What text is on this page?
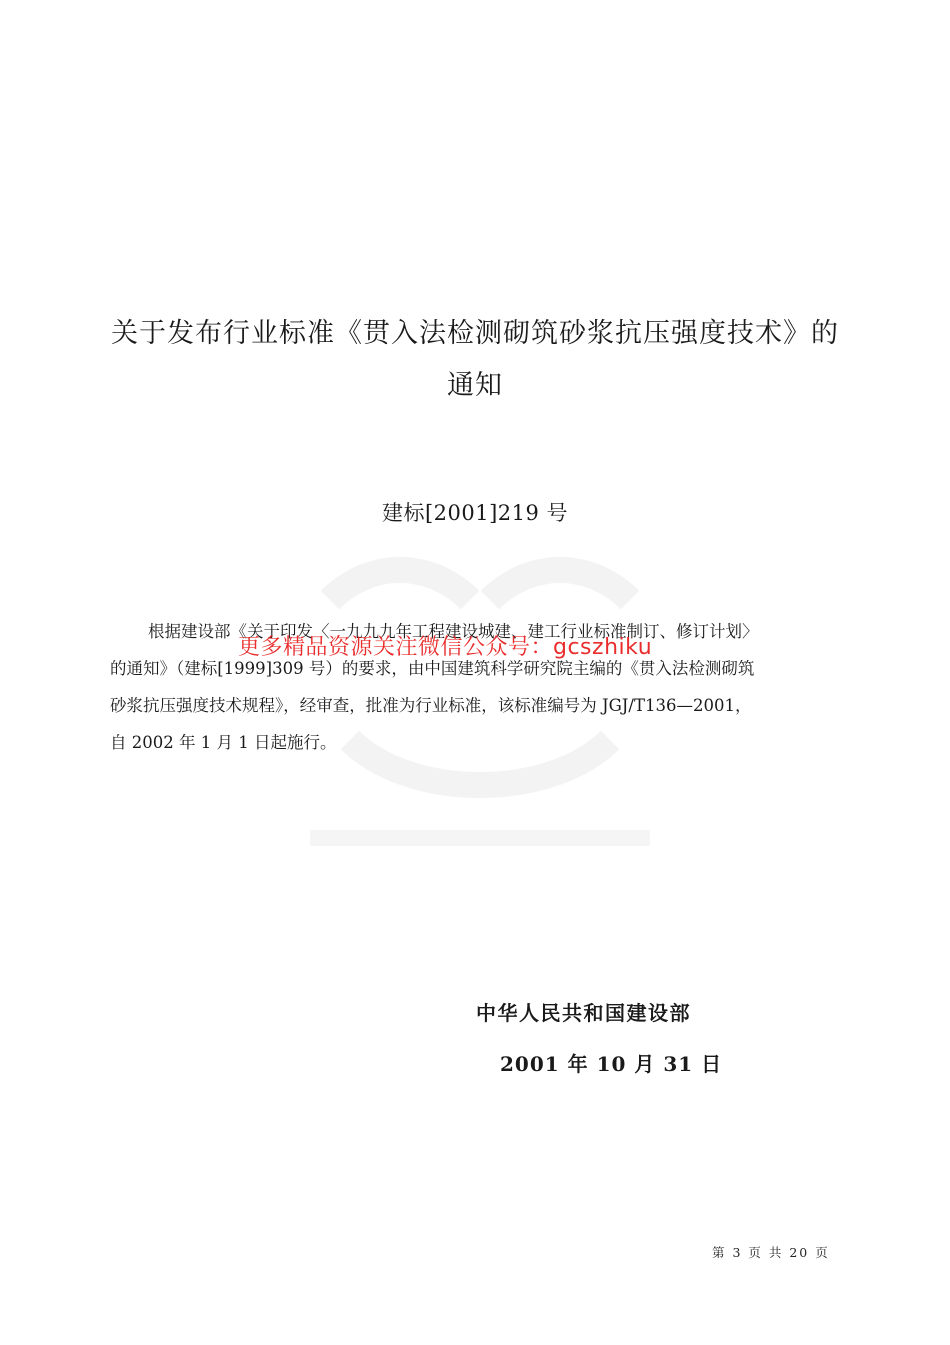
关于发布行业标准《贯入法检测砌筑砂浆抗压强度技术》的
通知
建标[2001]219 号
根据建设部《关于印发〈一九九九年工程建设城建、建工行业标准制订、修订计划〉
的通知》（建标[1999]309 号）的要求，由中国建筑科学研究院主编的《贯入法检测砌筑
砂浆抗压强度技术规程》，经审查，批准为行业标准，该标准编号为 JGJ/T136—2001，
自 2002 年 1 月 1 日起施行。
更多精品资源关注微信公众号：gcszhiku
中华人民共和国建设部
2001 年 10 月 31 日
第 3 页 共 20 页
